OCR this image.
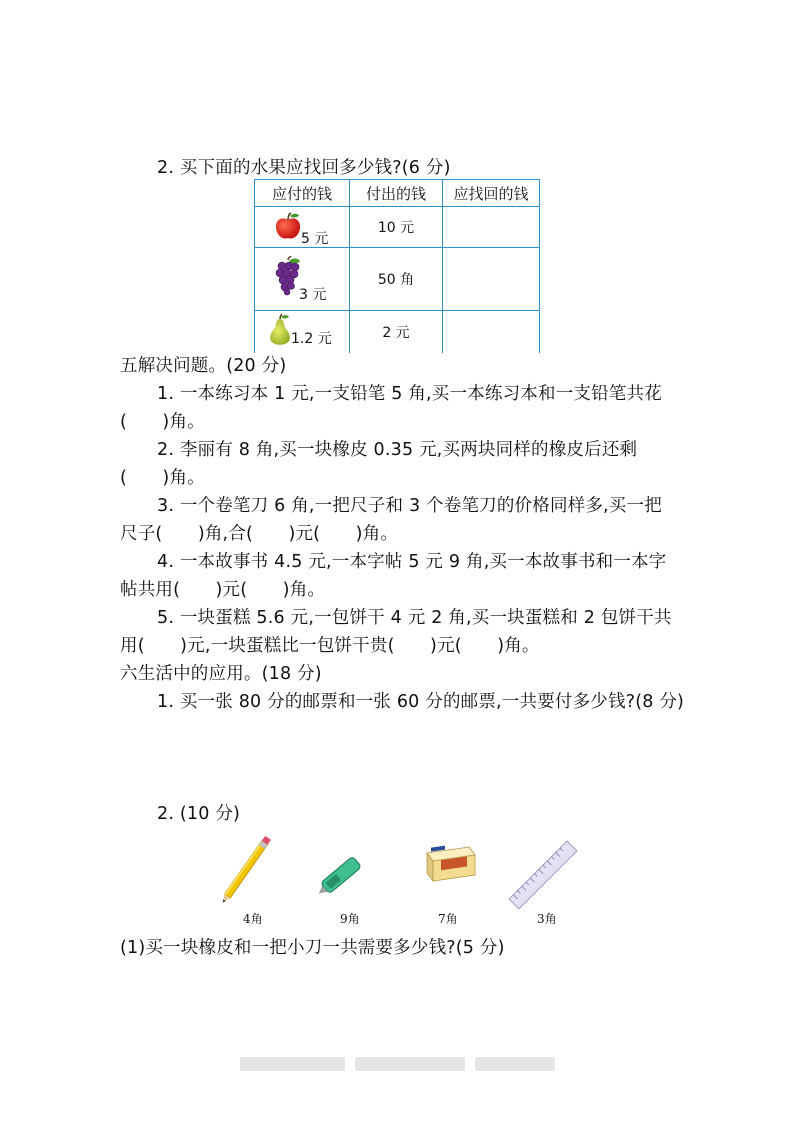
2. 买下面的水果应找回多少钱?(6 分)
应付的钱	付出的钱	应找回的钱

5 元	10 元	

3 元	50 角	

1.2 元	2 元	
五解决问题。(20 分)
1. 一本练习本 1 元,一支铅笔 5 角,买一本练习本和一支铅笔共花
(　　)角。
2. 李丽有 8 角,买一块橡皮 0.35 元,买两块同样的橡皮后还剩
(　　)角。
3. 一个卷笔刀 6 角,一把尺子和 3 个卷笔刀的价格同样多,买一把
尺子(　　)角,合(　　)元(　　)角。
4. 一本故事书 4.5 元,一本字帖 5 元 9 角,买一本故事书和一本字
帖共用(　　)元(　　)角。
5. 一块蛋糕 5.6 元,一包饼干 4 元 2 角,买一块蛋糕和 2 包饼干共
用(　　)元,一块蛋糕比一包饼干贵(　　)元(　　)角。
六生活中的应用。(18 分)
1. 买一张 80 分的邮票和一张 60 分的邮票,一共要付多少钱?(8 分)
2. (10 分)
4角	9角	7角	3角
(1)买一块橡皮和一把小刀一共需要多少钱?(5 分)
